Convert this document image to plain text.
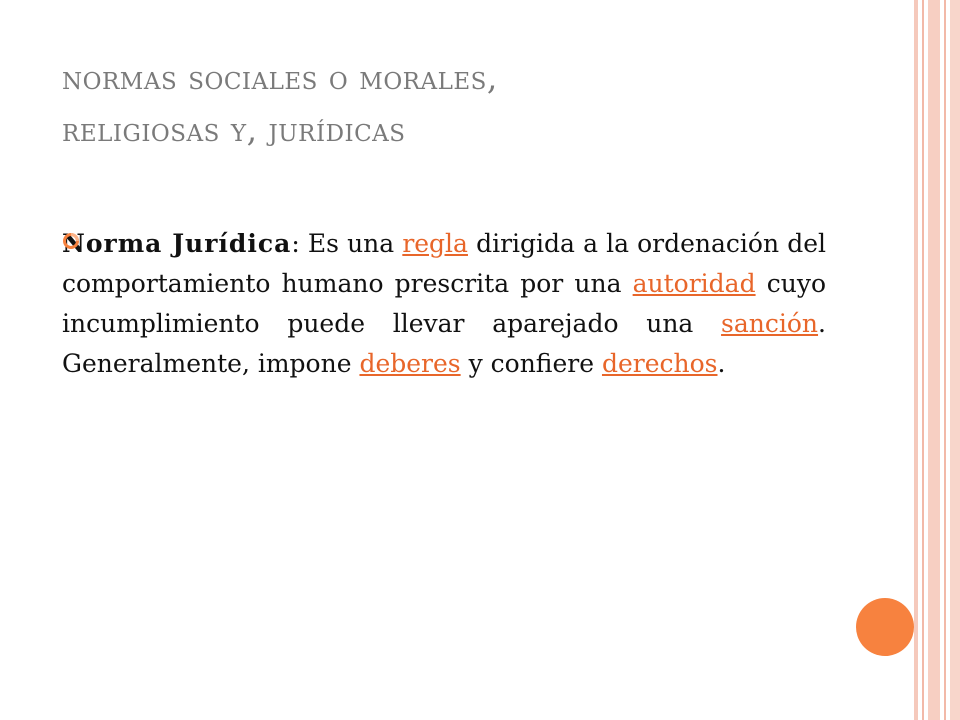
normas sociales o morales,
religiosas y, jurídicas

Norma Jurídica: Es una regla dirigida a la ordenación del comportamiento humano prescrita por una autoridad cuyo incumplimiento puede llevar aparejado una sanción. Generalmente, impone deberes y confiere derechos.
